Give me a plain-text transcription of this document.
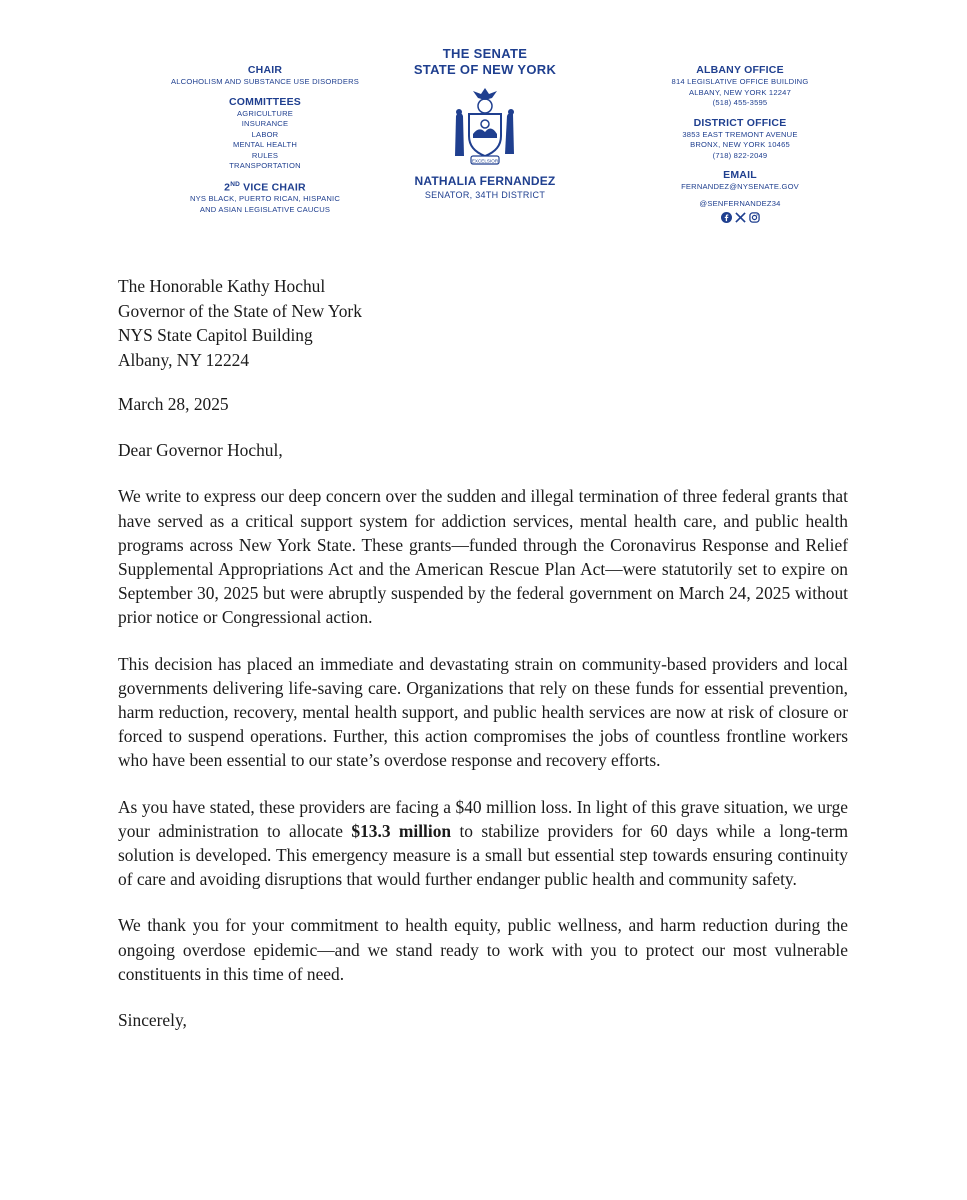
CHAIR
ALCOHOLISM AND SUBSTANCE USE DISORDERS
COMMITTEES
AGRICULTURE
INSURANCE
LABOR
MENTAL HEALTH
RULES
TRANSPORTATION
2ND VICE CHAIR
NYS BLACK, PUERTO RICAN, HISPANIC
AND ASIAN LEGISLATIVE CAUCUS
THE SENATE
STATE OF NEW YORK
EXCELSIOR
NATHALIA FERNANDEZ
SENATOR, 34TH DISTRICT
ALBANY OFFICE
814 LEGISLATIVE OFFICE BUILDING
ALBANY, NEW YORK 12247
(518) 455-3595
DISTRICT OFFICE
3853 EAST TREMONT AVENUE
BRONX, NEW YORK 10465
(718) 822-2049
EMAIL
FERNANDEZ@NYSENATE.GOV
@SENFERNANDEZ34
The Honorable Kathy Hochul
Governor of the State of New York
NYS State Capitol Building
Albany, NY 12224
March 28, 2025
Dear Governor Hochul,
We write to express our deep concern over the sudden and illegal termination of three federal grants that have served as a critical support system for addiction services, mental health care, and public health programs across New York State. These grants—funded through the Coronavirus Response and Relief Supplemental Appropriations Act and the American Rescue Plan Act—were statutorily set to expire on September 30, 2025 but were abruptly suspended by the federal government on March 24, 2025 without prior notice or Congressional action.
This decision has placed an immediate and devastating strain on community-based providers and local governments delivering life-saving care. Organizations that rely on these funds for essential prevention, harm reduction, recovery, mental health support, and public health services are now at risk of closure or forced to suspend operations. Further, this action compromises the jobs of countless frontline workers who have been essential to our state’s overdose response and recovery efforts.
As you have stated, these providers are facing a $40 million loss. In light of this grave situation, we urge your administration to allocate $13.3 million to stabilize providers for 60 days while a long-term solution is developed. This emergency measure is a small but essential step towards ensuring continuity of care and avoiding disruptions that would further endanger public health and community safety.
We thank you for your commitment to health equity, public wellness, and harm reduction during the ongoing overdose epidemic—and we stand ready to work with you to protect our most vulnerable constituents in this time of need.
Sincerely,
